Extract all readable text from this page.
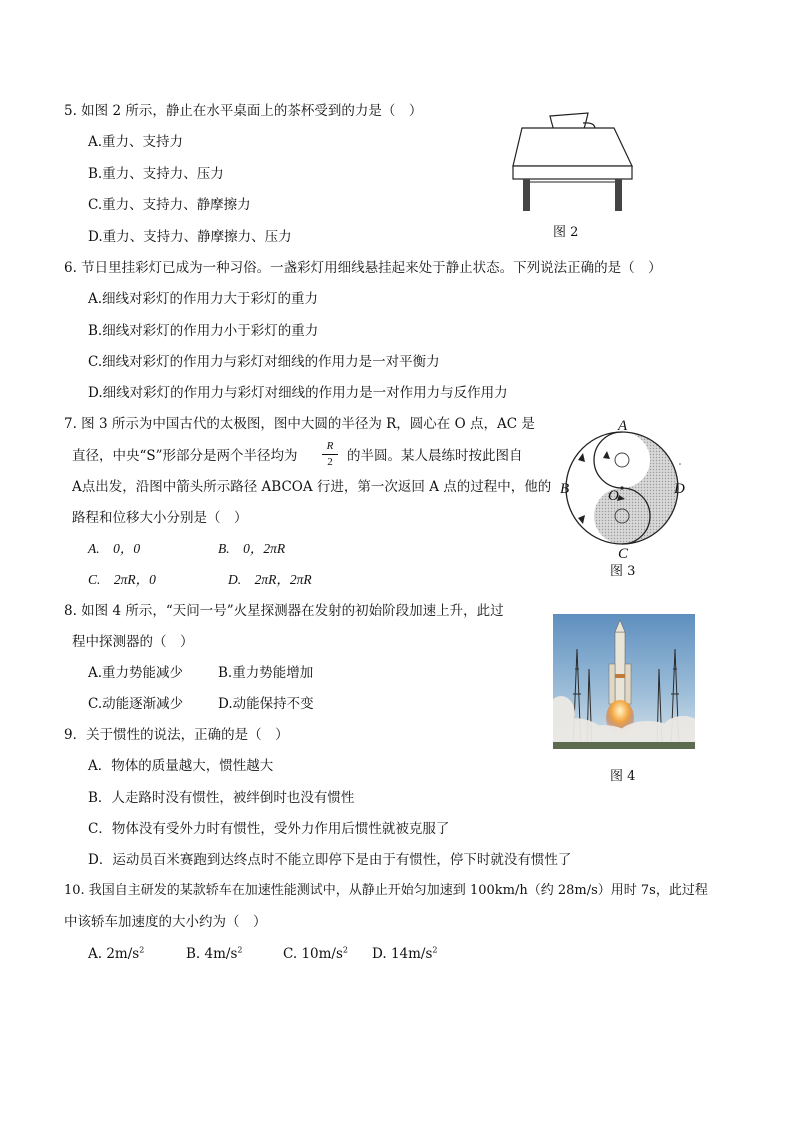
5. 如图 2 所示，静止在水平桌面上的茶杯受到的力是（　）
A.重力、支持力
B.重力、支持力、压力
C.重力、支持力、静摩擦力
D.重力、支持力、静摩擦力、压力	图 2
6. 节日里挂彩灯已成为一种习俗。一盏彩灯用细线悬挂起来处于静止状态。下列说法正确的是（　）
A.细线对彩灯的作用力大于彩灯的重力
B.细线对彩灯的作用力小于彩灯的重力
C.细线对彩灯的作用力与彩灯对细线的作用力是一对平衡力
D.细线对彩灯的作用力与彩灯对细线的作用力是一对作用力与反作用力
7. 图 3 所示为中国古代的太极图，图中大圆的半径为 R，圆心在 O 点，AC 是
直径，中央“S”形部分是两个半径均为
R
2	的半圆。某人晨练时按此图自
A点出发，沿图中箭头所示路径 ABCOA 行进，第一次返回 A 点的过程中，他的
路程和位移大小分别是（　）
A.　0，0	B.　0，2πR
C.　2πR，0	D.　2πR，2πR
A
B
C
D
O
图 3
8. 如图 4 所示，“天问一号”火星探测器在发射的初始阶段加速上升，此过
程中探测器的（　）
A.重力势能减少	B.重力势能增加
C.动能逐渐减少	D.动能保持不变
图 4
9．关于惯性的说法，正确的是（　）
A．物体的质量越大，惯性越大
B．人走路时没有惯性，被绊倒时也没有惯性
C．物体没有受外力时有惯性，受外力作用后惯性就被克服了
D．运动员百米赛跑到达终点时不能立即停下是由于有惯性，停下时就没有惯性了
10. 我国自主研发的某款轿车在加速性能测试中，从静止开始匀加速到 100km/h（约 28m/s）用时 7s，此过程
中该轿车加速度的大小约为（　）
A. $2m/s^2$	B. $4m/s^2$	C. $10m/s^2$ D. $14m/s^2$
